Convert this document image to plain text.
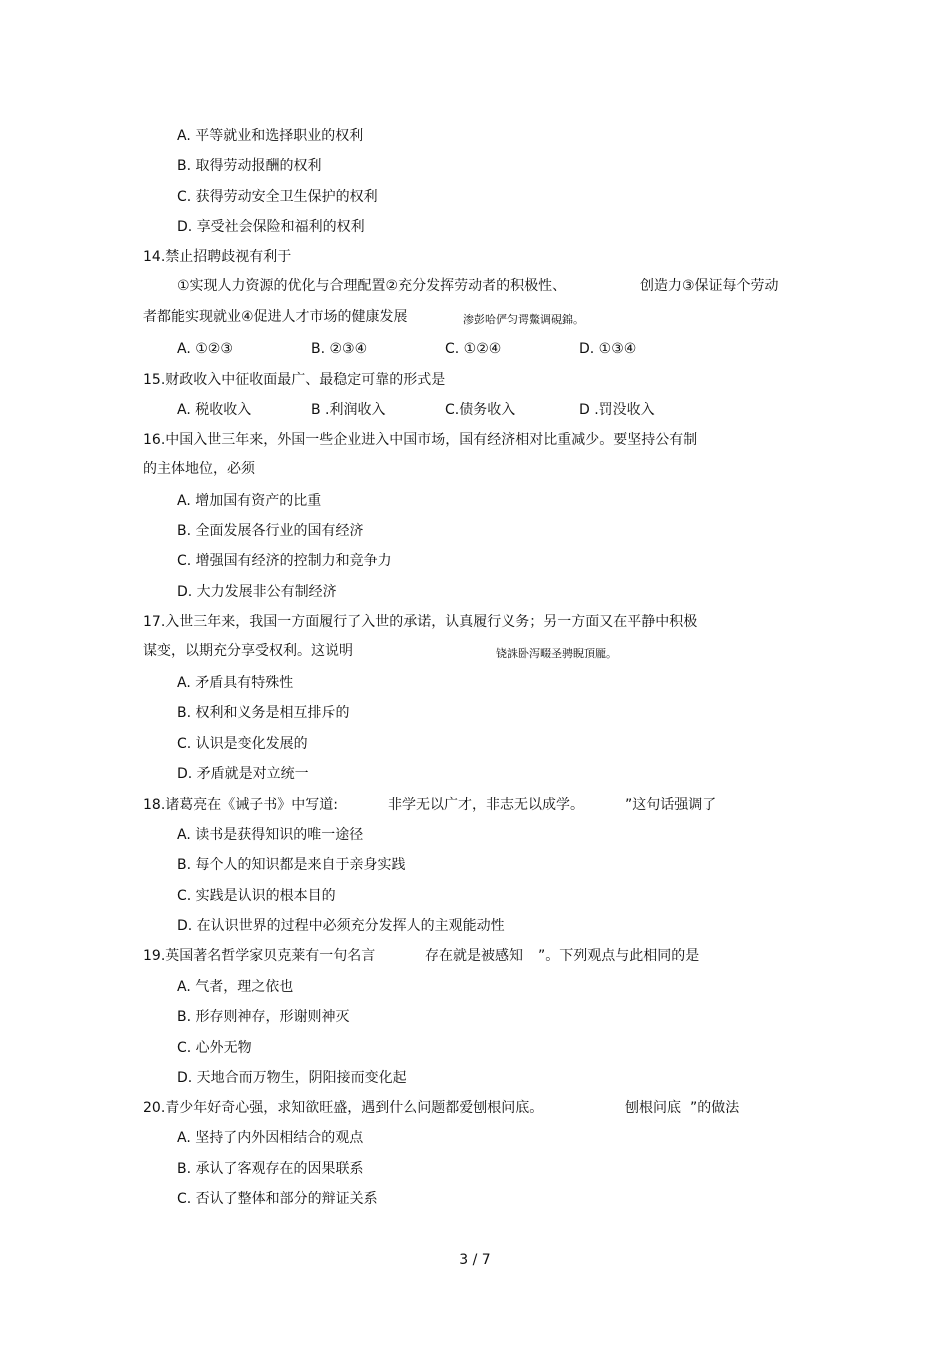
A. 平等就业和选择职业的权利

B. 取得劳动报酬的权利

C. 获得劳动安全卫生保护的权利

D. 享受社会保险和福利的权利

14.禁止招聘歧视有利于

①实现人力资源的优化与合理配置②充分发挥劳动者的积极性、	创造力③保证每个劳动

者都能实现就业④促进人才市场的健康发展	渗彭哈俨匀谔鱉调硯錦。

A. ①②③	B. ②③④	C. ①②④	D. ①③④

15.财政收入中征收面最广、最稳定可靠的形式是

A. 税收收入	B .利润收入	C.债务收入	D .罚没收入

16.中国入世三年来，外国一些企业进入中国市场，国有经济相对比重减少。要坚持公有制

的主体地位，必须

A. 增加国有资产的比重

B. 全面发展各行业的国有经济

C. 增强国有经济的控制力和竞争力

D. 大力发展非公有制经济

17.入世三年来，我国一方面履行了入世的承诺，认真履行义务；另一方面又在平静中积极

谋变，以期充分享受权利。这说明	铙誅卧泻畷圣骋睨頂龎。

A. 矛盾具有特殊性

B. 权利和义务是相互排斥的

C. 认识是变化发展的

D. 矛盾就是对立统一

18.诸葛亮在《诫子书》中写道:	非学无以广才，非志无以成学。	”这句话强调了

A. 读书是获得知识的唯一途径

B. 每个人的知识都是来自于亲身实践

C. 实践是认识的根本目的

D. 在认识世界的过程中必须充分发挥人的主观能动性

19.英国著名哲学家贝克莱有一句名言	存在就是被感知 ”。下列观点与此相同的是

A. 气者，理之依也

B. 形存则神存，形谢则神灭

C. 心外无物

D. 天地合而万物生，阴阳接而变化起

20.青少年好奇心强，求知欲旺盛，遇到什么问题都爱刨根问底。	刨根问底 ”的做法

A. 坚持了内外因相结合的观点

B. 承认了客观存在的因果联系

C. 否认了整体和部分的辩证关系

3 / 7
